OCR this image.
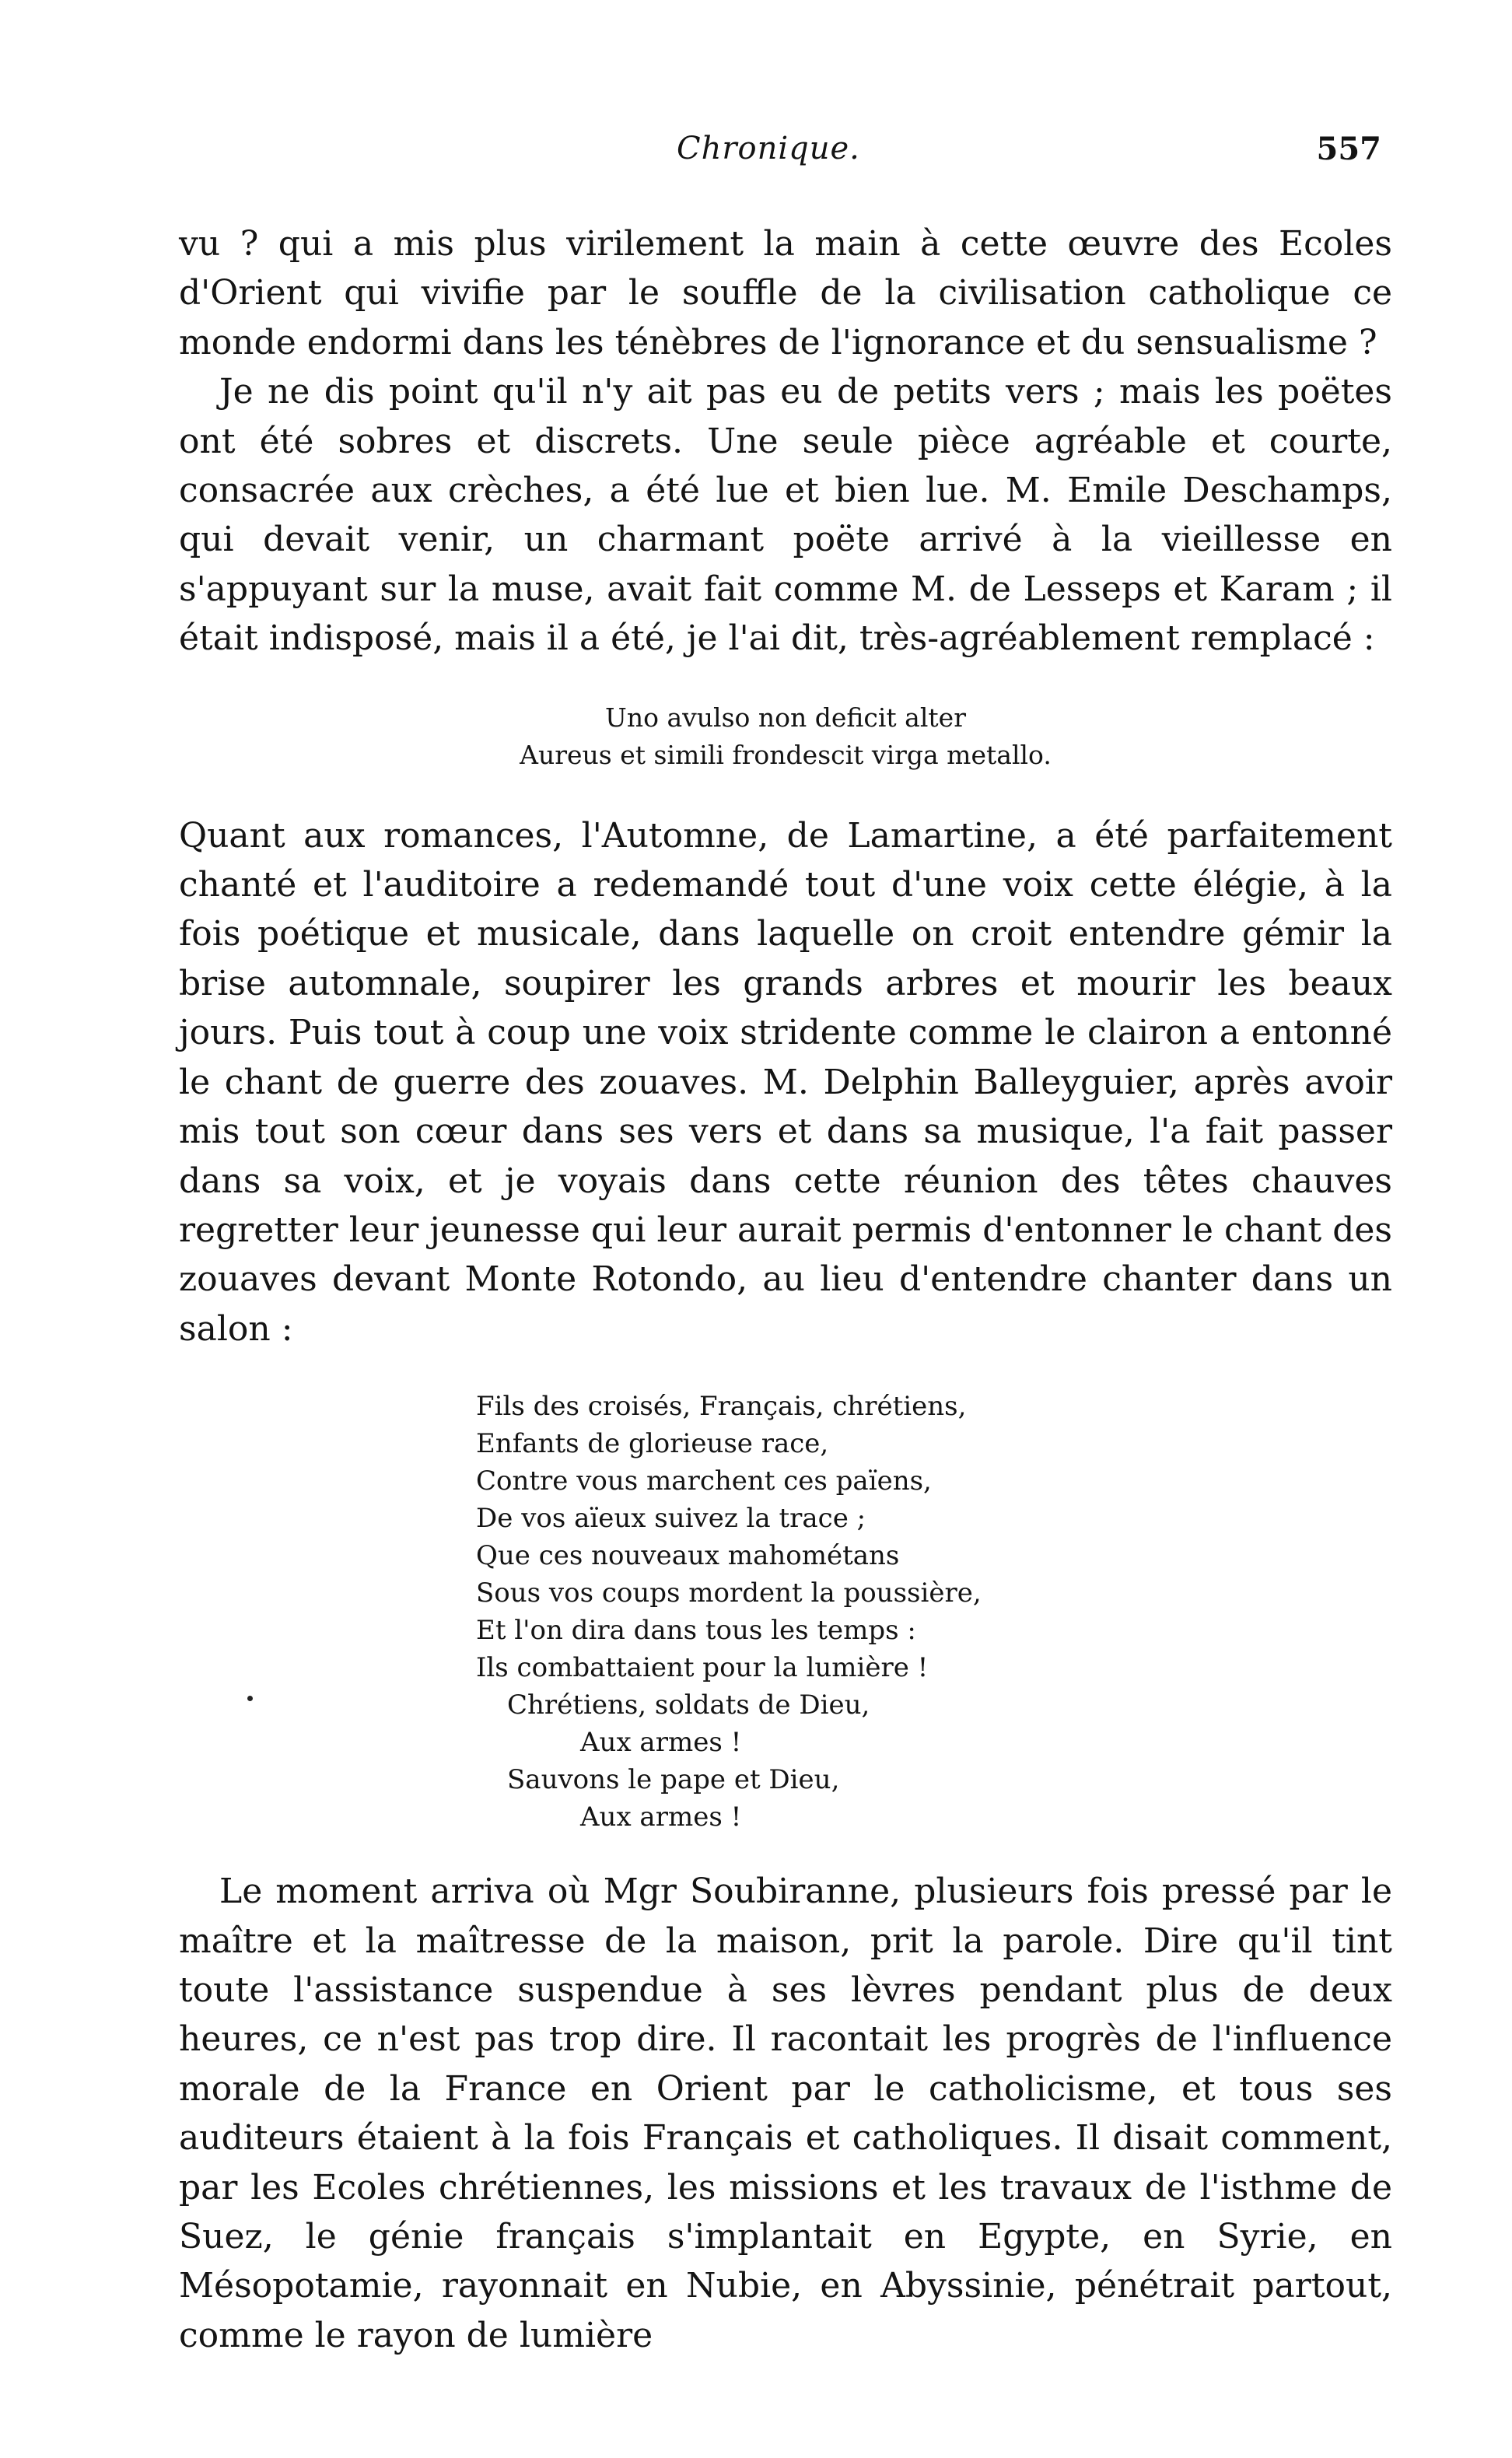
Chronique.	557

vu ? qui a mis plus virilement la main à cette œuvre des Ecoles d'Orient qui vivifie par le souffle de la civilisation catholique ce monde endormi dans les ténèbres de l'ignorance et du sensualisme ?

Je ne dis point qu'il n'y ait pas eu de petits vers ; mais les poëtes ont été sobres et discrets. Une seule pièce agréable et courte, consacrée aux crèches, a été lue et bien lue. M. Emile Deschamps, qui devait venir, un charmant poëte arrivé à la vieillesse en s'appuyant sur la muse, avait fait comme M. de Lesseps et Karam ; il était indisposé, mais il a été, je l'ai dit, très-agréablement remplacé :

Uno avulso non deficit alter
Aureus et simili frondescit virga metallo.

Quant aux romances, l'Automne, de Lamartine, a été parfaitement chanté et l'auditoire a redemandé tout d'une voix cette élégie, à la fois poétique et musicale, dans laquelle on croit entendre gémir la brise automnale, soupirer les grands arbres et mourir les beaux jours. Puis tout à coup une voix stridente comme le clairon a entonné le chant de guerre des zouaves. M. Delphin Balleyguier, après avoir mis tout son cœur dans ses vers et dans sa musique, l'a fait passer dans sa voix, et je voyais dans cette réunion des têtes chauves regretter leur jeunesse qui leur aurait permis d'entonner le chant des zouaves devant Monte Rotondo, au lieu d'entendre chanter dans un salon :

Fils des croisés, Français, chrétiens,
Enfants de glorieuse race,
Contre vous marchent ces païens,
De vos aïeux suivez la trace ;
Que ces nouveaux mahométans
Sous vos coups mordent la poussière,
Et l'on dira dans tous les temps :
Ils combattaient pour la lumière !
Chrétiens, soldats de Dieu,
Aux armes !
Sauvons le pape et Dieu,
Aux armes !

Le moment arriva où Mgr Soubiranne, plusieurs fois pressé par le maître et la maîtresse de la maison, prit la parole. Dire qu'il tint toute l'assistance suspendue à ses lèvres pendant plus de deux heures, ce n'est pas trop dire. Il racontait les progrès de l'influence morale de la France en Orient par le catholicisme, et tous ses auditeurs étaient à la fois Français et catholiques. Il disait comment, par les Ecoles chrétiennes, les missions et les travaux de l'isthme de Suez, le génie français s'implantait en Egypte, en Syrie, en Mésopotamie, rayonnait en Nubie, en Abyssinie, pénétrait partout, comme le rayon de lumière
